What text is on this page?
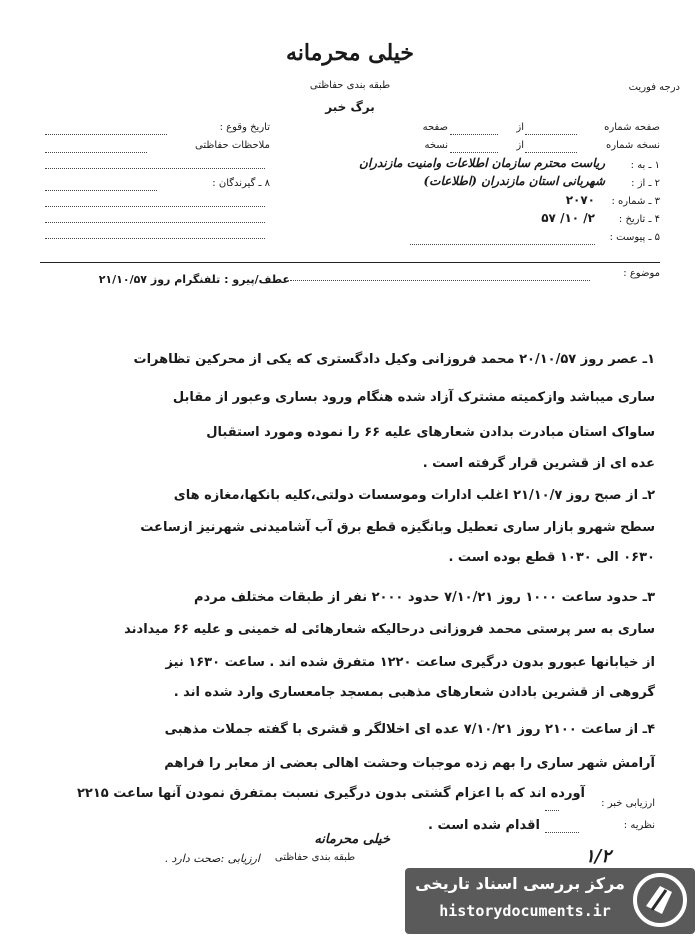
خیلی محرمانه
طبقه بندی حفاظتی
برگ خبر
درجه فوریت
تاریخ وقوع :
ملاحظات حفاظتی
۸ ـ گیرندگان :
صفحه شماره
از
صفحه
نسخه شماره
از
نسخه
۱ ـ به :
ریاست محترم سازمان اطلاعات وامنیت مازندران
۲ ـ از :
شهربانی استان مازندران (اطلاعات)
۳ ـ شماره :
۲۰۷۰
۴ ـ تاریخ :
۲/ ۱۰/ ۵۷
۵ ـ پیوست :
موضوع :
عطف/پیرو : تلفنگرام روز ۲۱/۱۰/۵۷
۱ـ عصر روز ۲۰/۱۰/۵۷ محمد فروزانی وکیل دادگستری که یکی از محرکین تظاهرات
ساری میباشد وازکمیته مشترک آزاد شده هنگام ورود بساری وعبور از مقابل
ساواک استان مبادرت بدادن شعارهای علیه ۶۶ را نموده ومورد استقبال
عده ای از قشرین قرار گرفته است .
۲ـ از صبح روز ۲۱/۱۰/۷ اغلب ادارات وموسسات دولتی،کلیه بانکها،مغازه های
سطح شهرو بازار ساری تعطیل وبانگیزه قطع برق آب آشامیدنی شهرنیز ازساعت
۰۶۳۰ الی ۱۰۳۰ قطع بوده است .
۳ـ حدود ساعت ۱۰۰۰ روز ۷/۱۰/۲۱ حدود ۲۰۰۰ نفر از طبقات مختلف مردم
ساری به سر پرستی محمد فروزانی درحالیکه شعارهائی له خمینی و علیه ۶۶ میدادند
از خیابانها عبورو بدون درگیری ساعت ۱۲۲۰ متفرق شده اند . ساعت ۱۶۳۰ نیز
گروهی از قشرین بادادن شعارهای مذهبی بمسجد جامعساری وارد شده اند .
۴ـ از ساعت ۲۱۰۰ روز ۷/۱۰/۲۱ عده ای اخلالگر و قشری با گفته جملات مذهبی
آرامش شهر ساری را بهم زده موجبات وحشت اهالی بعضی از معابر را فراهم
آورده اند که با اعزام گشتی بدون درگیری نسبت بمتفرق نمودن آنها ساعت ۲۲۱۵
اقدام شده است .
ارزیابی خبر :
نظریه :
خیلی محرمانه
طبقه بندی حفاظتی
ارزیابی :صحت دارد .	۱/۲
مرکز بررسی اسناد تاریخی
historydocuments.ir
